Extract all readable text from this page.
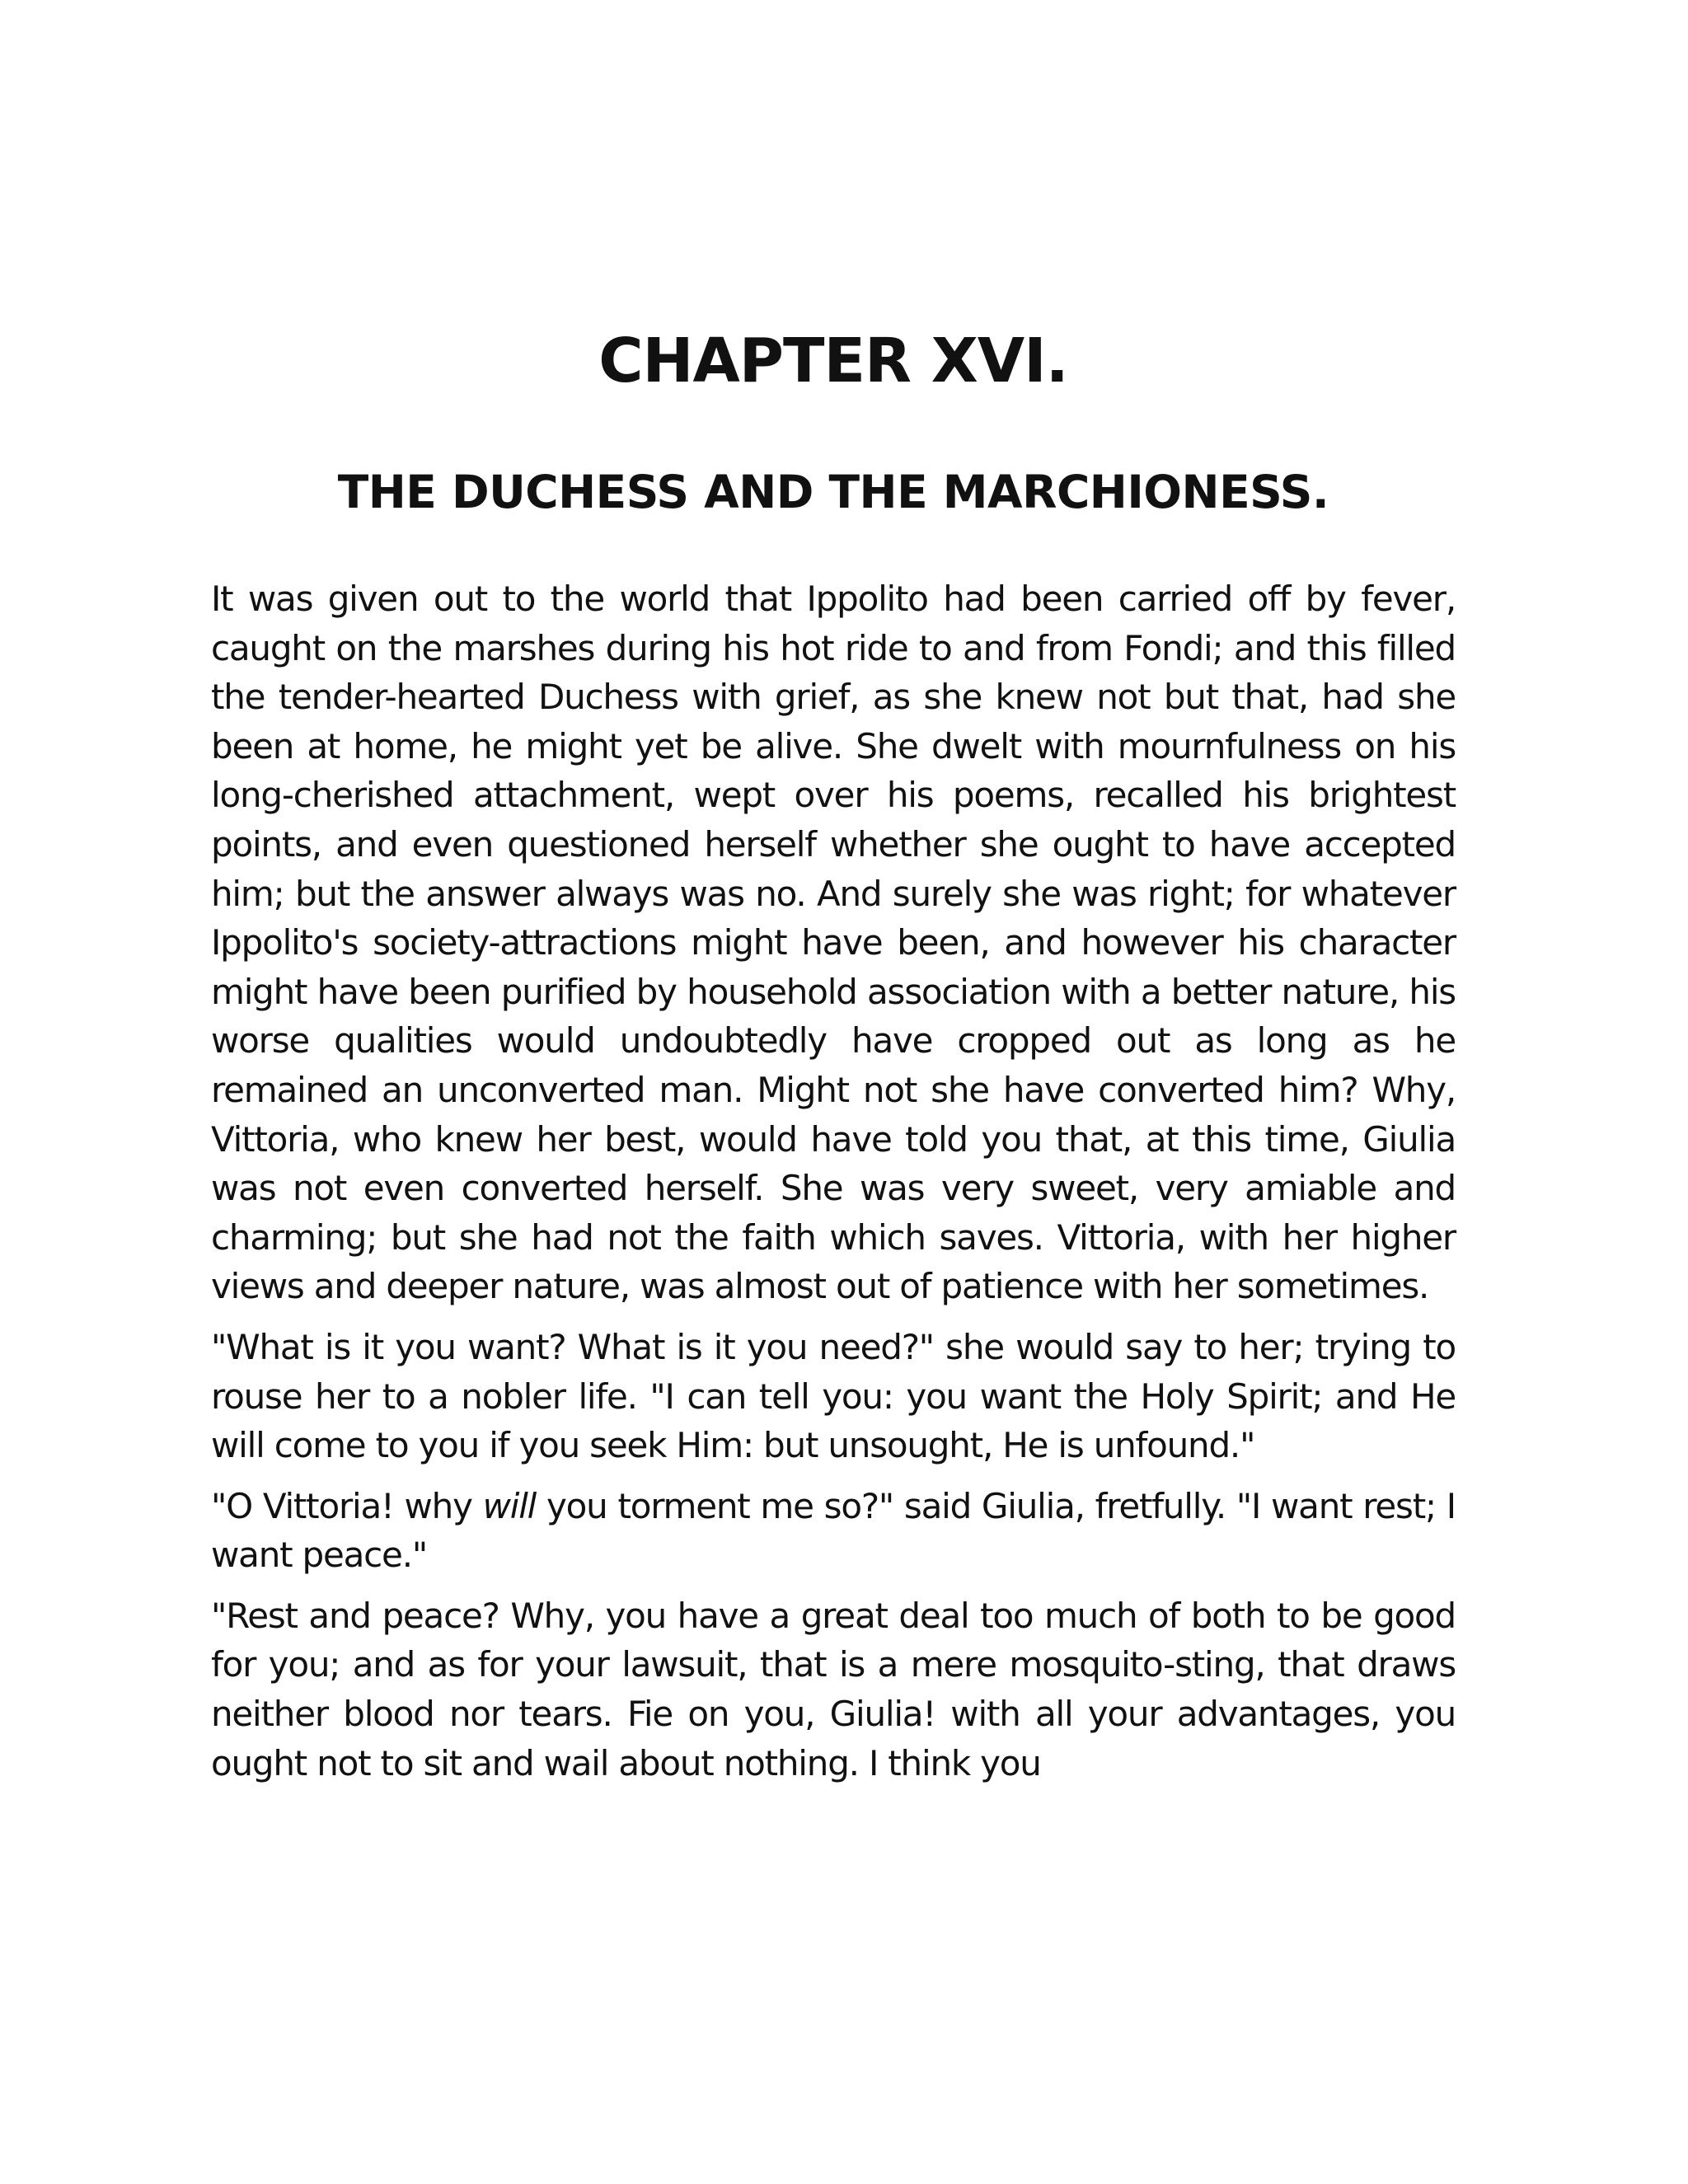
CHAPTER XVI.
THE DUCHESS AND THE MARCHIONESS.

It was given out to the world that Ippolito had been carried off by fever, caught on the marshes during his hot ride to and from Fondi; and this filled the tender-hearted Duchess with grief, as she knew not but that, had she been at home, he might yet be alive. She dwelt with mournfulness on his long-cherished attachment, wept over his poems, recalled his brightest points, and even questioned herself whether she ought to have accepted him; but the answer always was no. And surely she was right; for whatever Ippolito's society-attractions might have been, and however his character might have been purified by household association with a better nature, his worse qualities would undoubtedly have cropped out as long as he remained an unconverted man. Might not she have converted him? Why, Vittoria, who knew her best, would have told you that, at this time, Giulia was not even converted herself. She was very sweet, very amiable and charming; but she had not the faith which saves. Vittoria, with her higher views and deeper nature, was almost out of patience with her sometimes.

"What is it you want? What is it you need?" she would say to her; trying to rouse her to a nobler life. "I can tell you: you want the Holy Spirit; and He will come to you if you seek Him: but unsought, He is unfound."

"O Vittoria! why will you torment me so?" said Giulia, fretfully. "I want rest; I want peace."

"Rest and peace? Why, you have a great deal too much of both to be good for you; and as for your lawsuit, that is a mere mosquito-sting, that draws neither blood nor tears. Fie on you, Giulia! with all your advantages, you ought not to sit and wail about nothing. I think you
